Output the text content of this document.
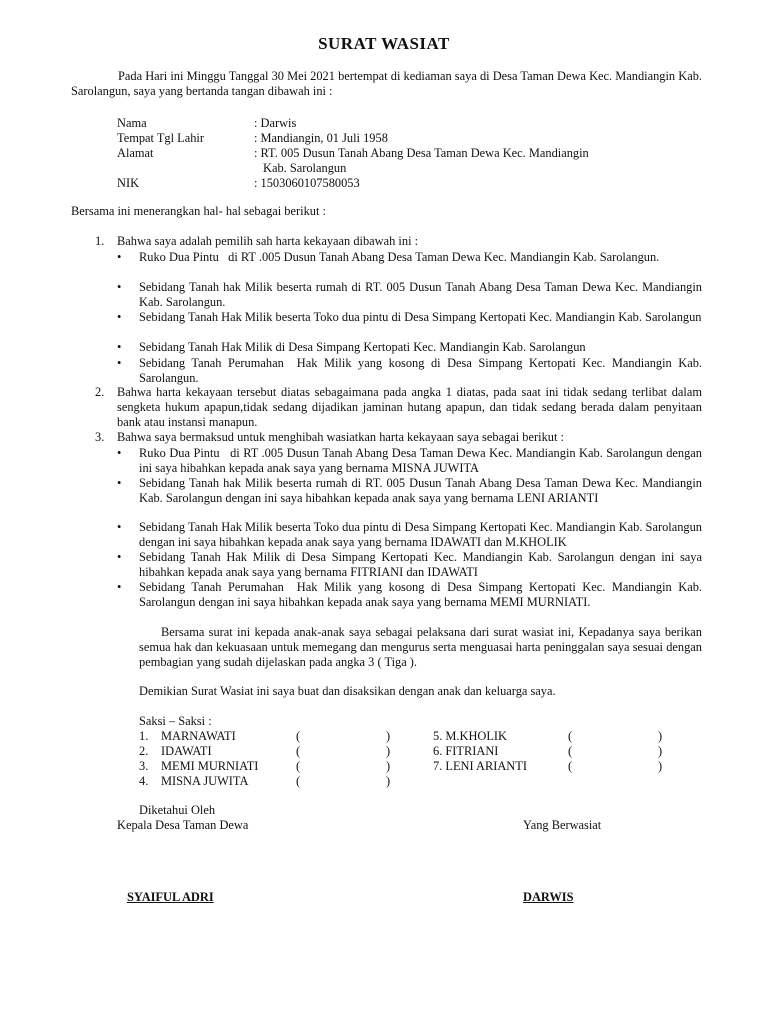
SURAT WASIAT
Pada Hari ini Minggu Tanggal 30 Mei 2021 bertempat di kediaman saya di Desa Taman Dewa Kec. Mandiangin Kab. Sarolangun, saya yang bertanda tangan dibawah ini :
Nama	: Darwis
Tempat Tgl Lahir	: Mandiangin, 01 Juli 1958
Alamat	: RT. 005 Dusun Tanah Abang Desa Taman Dewa Kec. Mandiangin
Kab. Sarolangun
NIK	: 1503060107580053
Bersama ini menerangkan hal- hal sebagai berikut :
1. Bahwa saya adalah pemilih sah harta kekayaan dibawah ini :
•	Ruko Dua Pintu   di RT .005 Dusun Tanah Abang Desa Taman Dewa Kec. Mandiangin Kab. Sarolangun.
•	Sebidang Tanah hak Milik beserta rumah di RT. 005 Dusun Tanah Abang Desa Taman Dewa Kec. Mandiangin Kab. Sarolangun.
•	Sebidang Tanah Hak Milik beserta Toko dua pintu di Desa Simpang Kertopati Kec. Mandiangin Kab. Sarolangun
•	Sebidang Tanah Hak Milik di Desa Simpang Kertopati Kec. Mandiangin Kab. Sarolangun
•	Sebidang Tanah Perumahan  Hak Milik yang kosong di Desa Simpang Kertopati Kec. Mandiangin Kab. Sarolangun.
2. Bahwa harta kekayaan tersebut diatas sebagaimana pada angka 1 diatas, pada saat ini tidak sedang terlibat dalam sengketa hukum apapun,tidak sedang dijadikan jaminan hutang apapun, dan tidak sedang berada dalam penyitaan bank atau instansi manapun.
3. Bahwa saya bermaksud untuk menghibah wasiatkan harta kekayaan saya sebagai berikut :
•	Ruko Dua Pintu   di RT .005 Dusun Tanah Abang Desa Taman Dewa Kec. Mandiangin Kab. Sarolangun dengan ini saya hibahkan kepada anak saya yang bernama MISNA JUWITA
•	Sebidang Tanah hak Milik beserta rumah di RT. 005 Dusun Tanah Abang Desa Taman Dewa Kec. Mandiangin Kab. Sarolangun dengan ini saya hibahkan kepada anak saya yang bernama LENI ARIANTI
•	Sebidang Tanah Hak Milik beserta Toko dua pintu di Desa Simpang Kertopati Kec. Mandiangin Kab. Sarolangun dengan ini saya hibahkan kepada anak saya yang bernama IDAWATI dan M.KHOLIK
•	Sebidang Tanah Hak Milik di Desa Simpang Kertopati Kec. Mandiangin Kab. Sarolangun dengan ini saya hibahkan kepada anak saya yang bernama FITRIANI dan IDAWATI
•	Sebidang Tanah Perumahan  Hak Milik yang kosong di Desa Simpang Kertopati Kec. Mandiangin Kab. Sarolangun dengan ini saya hibahkan kepada anak saya yang bernama MEMI MURNIATI.
Bersama surat ini kepada anak-anak saya sebagai pelaksana dari surat wasiat ini, Kepadanya saya berikan semua hak dan kekuasaan untuk memegang dan mengurus serta menguasai harta peninggalan saya sesuai dengan pembagian yang sudah dijelaskan pada angka 3 ( Tiga ).
Demikian Surat Wasiat ini saya buat dan disaksikan dengan anak dan keluarga saya.
Saksi – Saksi :
1. MARNAWATI	(	)
2. IDAWATI	(	)
3. MEMI MURNIATI	(	)
4. MISNA JUWITA	(	)
5. M.KHOLIK	(	)
6. FITRIANI	(	)
7. LENI ARIANTI	(	)
Diketahui Oleh
Kepala Desa Taman Dewa	Yang Berwasiat
SYAIFUL ADRI	DARWIS
